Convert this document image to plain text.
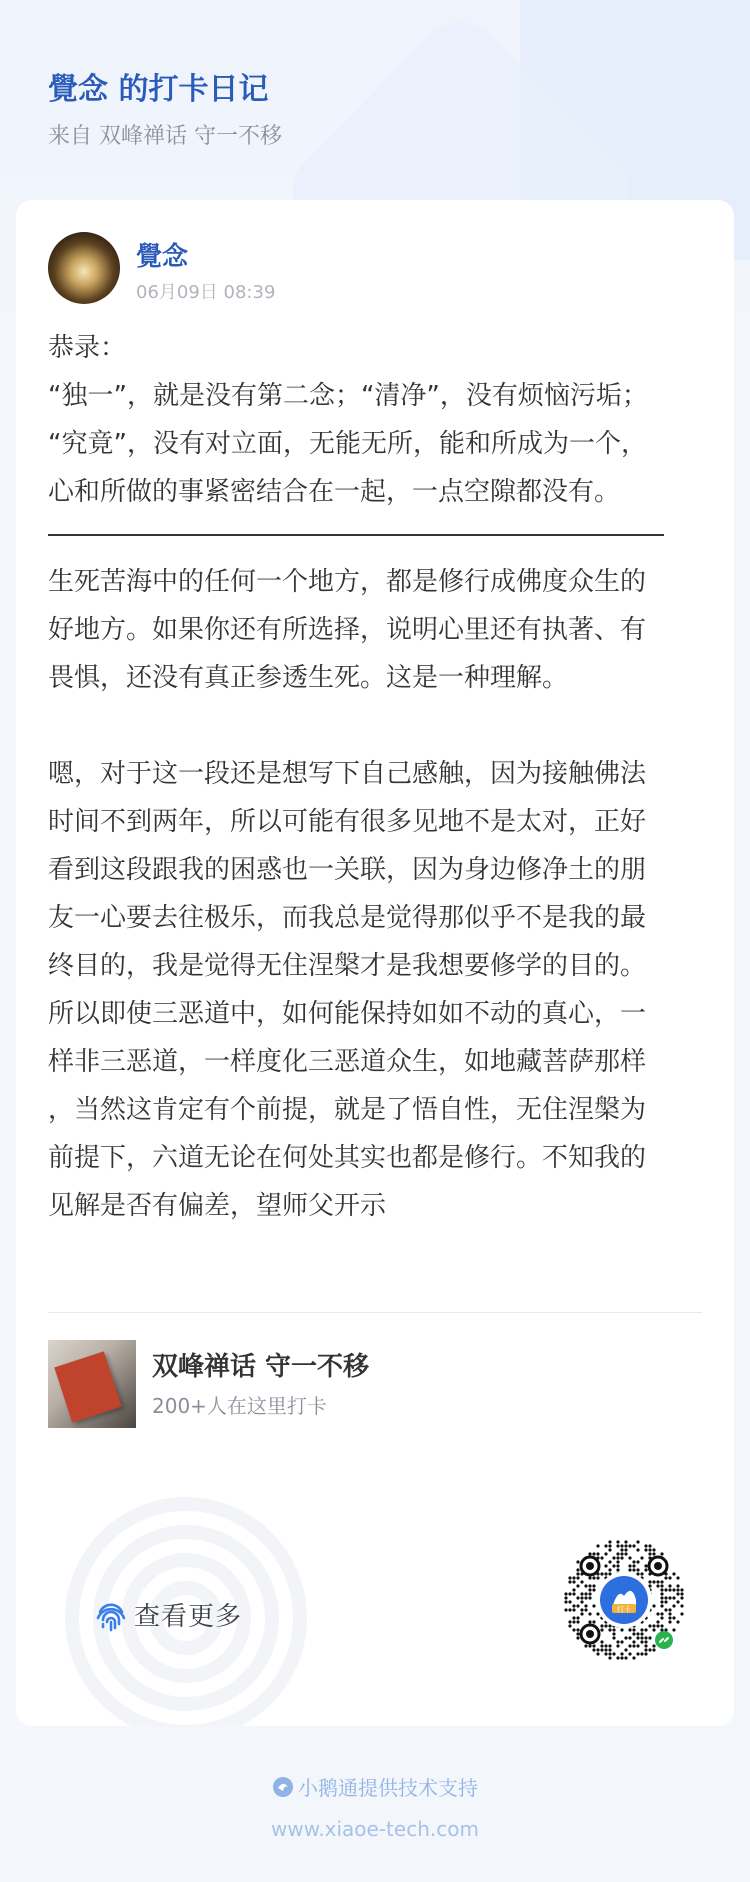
覺念 的打卡日记
来自 双峰禅话 守一不移
覺念
06月09日 08:39

恭录：

“独一”，就是没有第二念；“清净”，没有烦恼污垢；

“究竟”，没有对立面，无能无所，能和所成为一个，

心和所做的事紧密结合在一起，一点空隙都没有。

生死苦海中的任何一个地方，都是修行成佛度众生的

好地方。如果你还有所选择，说明心里还有执著、有

畏惧，还没有真正参透生死。这是一种理解。

嗯，对于这一段还是想写下自己感触，因为接触佛法

时间不到两年，所以可能有很多见地不是太对，正好

看到这段跟我的困惑也一关联，因为身边修净土的朋

友一心要去往极乐，而我总是觉得那似乎不是我的最

终目的，我是觉得无住涅槃才是我想要修学的目的。

所以即使三恶道中，如何能保持如如不动的真心，一

样非三恶道，一样度化三恶道众生，如地藏菩萨那样

，当然这肯定有个前提，就是了悟自性，无住涅槃为

前提下，六道无论在何处其实也都是修行。不知我的

见解是否有偏差，望师父开示

双峰禅话 守一不移
200+人在这里打卡
查看更多	打卡
小鹅通提供技术支持
www.xiaoe-tech.com
